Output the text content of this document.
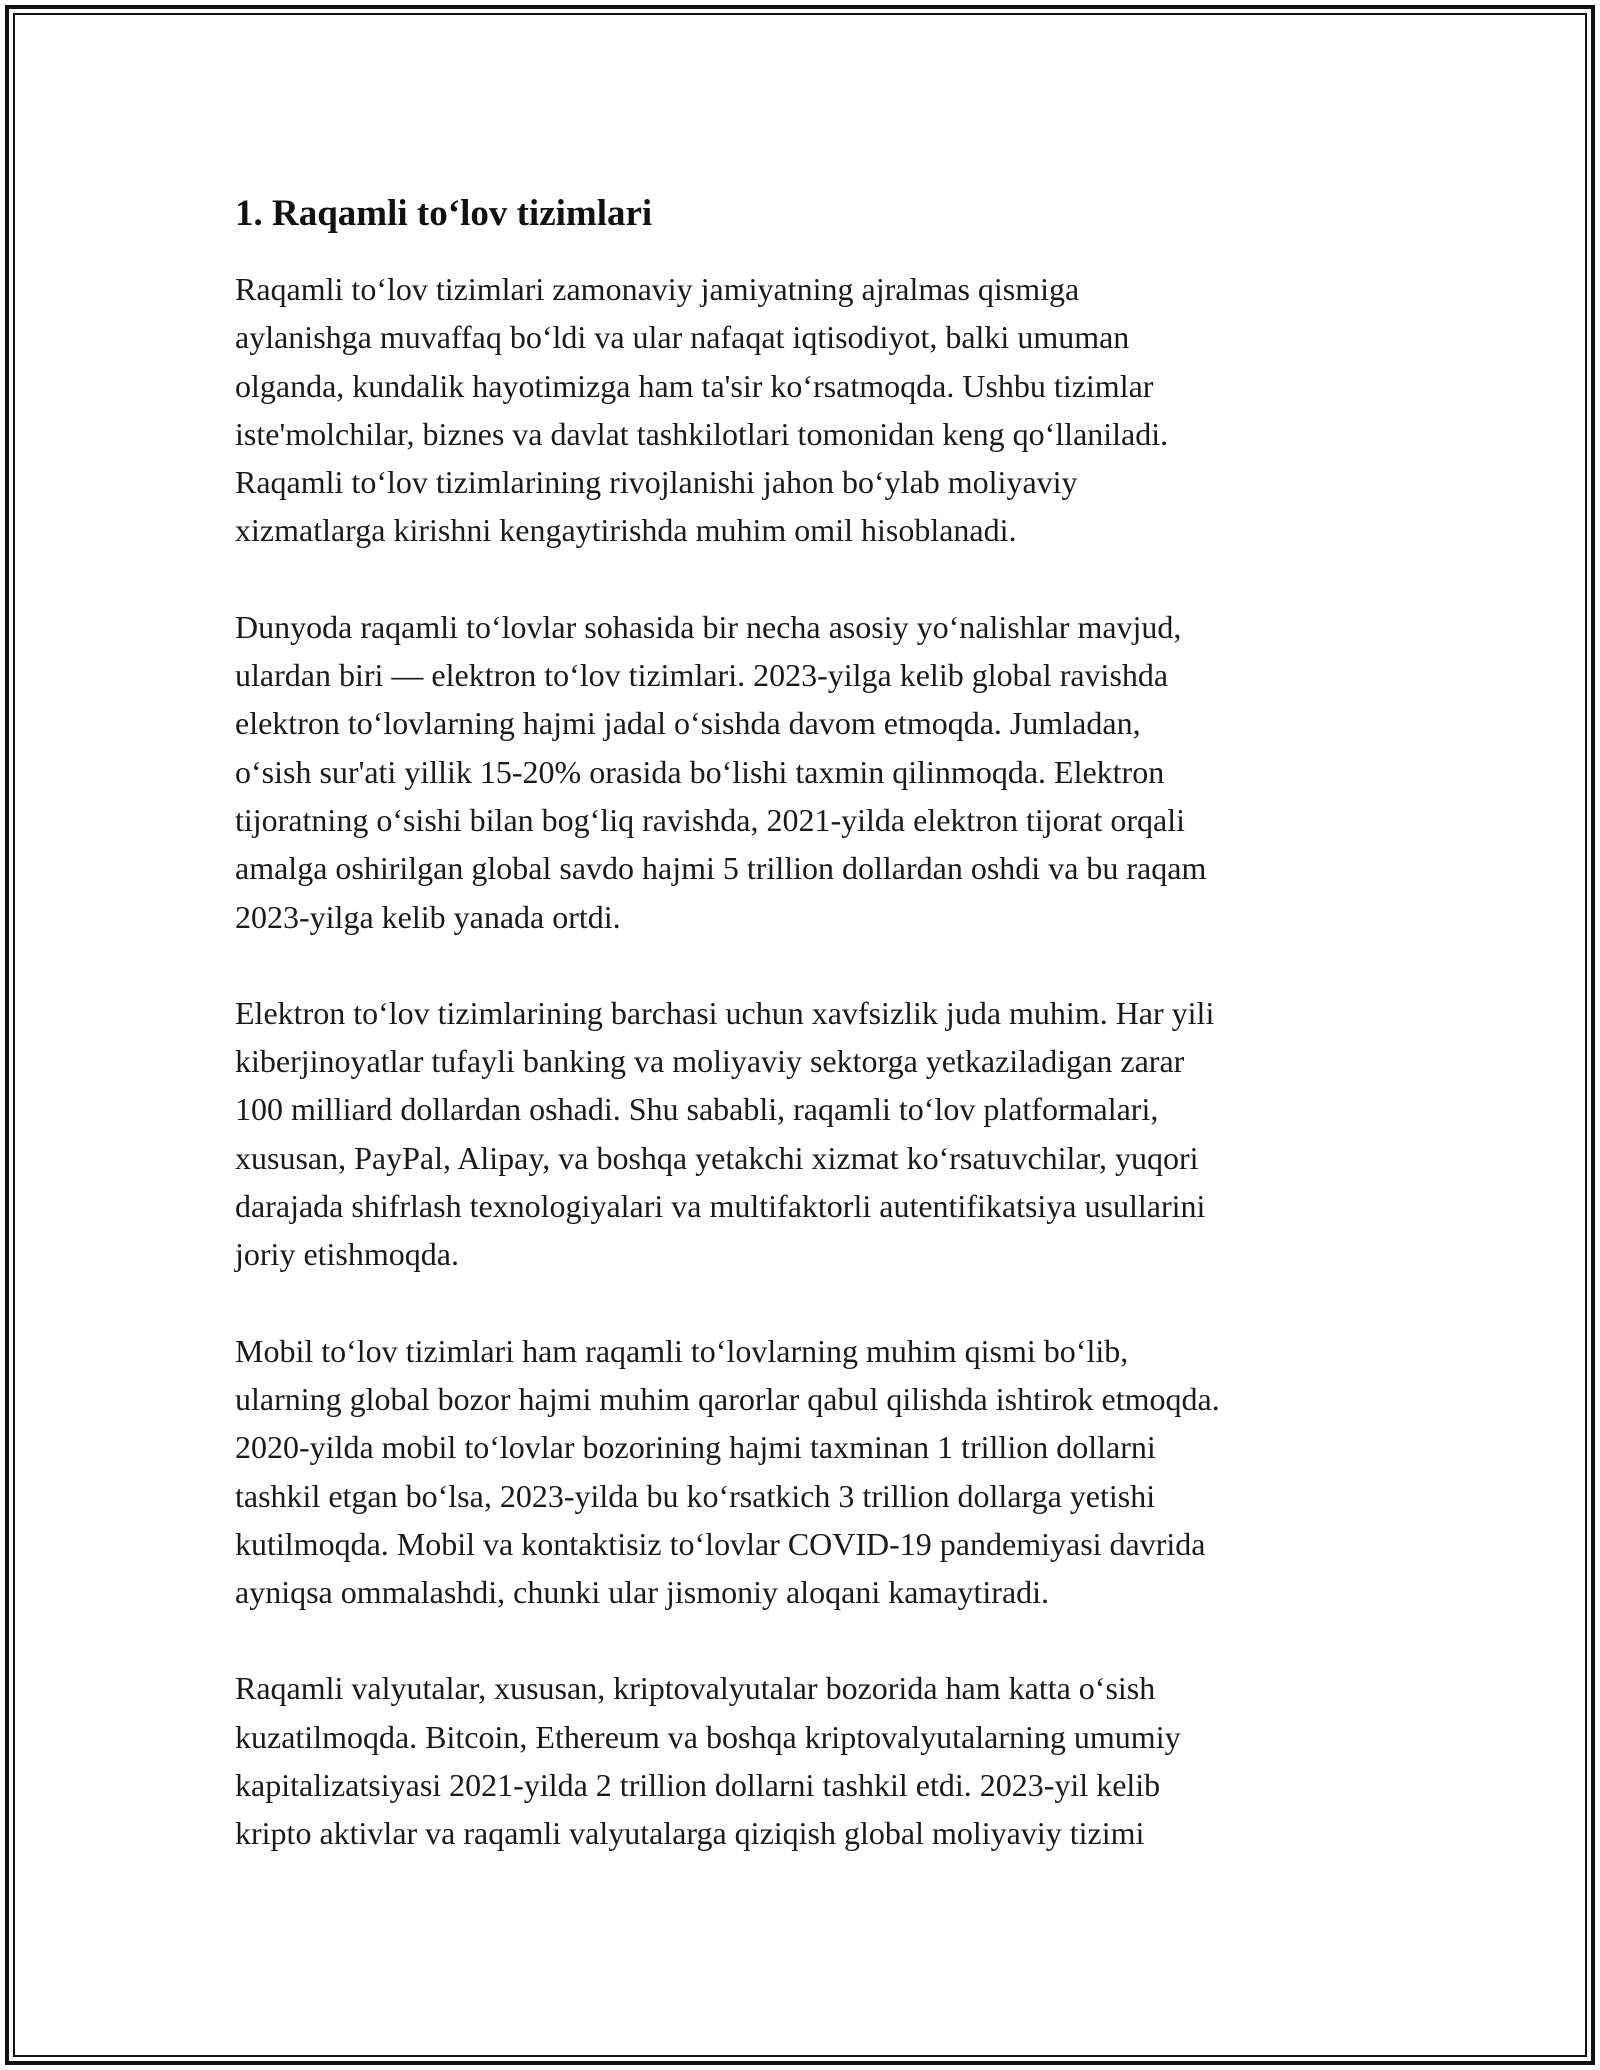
1. Raqamli to‘lov tizimlari

Raqamli to‘lov tizimlari zamonaviy jamiyatning ajralmas qismiga
aylanishga muvaffaq bo‘ldi va ular nafaqat iqtisodiyot, balki umuman
olganda, kundalik hayotimizga ham ta'sir ko‘rsatmoqda. Ushbu tizimlar
iste'molchilar, biznes va davlat tashkilotlari tomonidan keng qo‘llaniladi.
Raqamli to‘lov tizimlarining rivojlanishi jahon bo‘ylab moliyaviy
xizmatlarga kirishni kengaytirishda muhim omil hisoblanadi.

Dunyoda raqamli to‘lovlar sohasida bir necha asosiy yo‘nalishlar mavjud,
ulardan biri — elektron to‘lov tizimlari. 2023-yilga kelib global ravishda
elektron to‘lovlarning hajmi jadal o‘sishda davom etmoqda. Jumladan,
o‘sish sur'ati yillik 15-20% orasida bo‘lishi taxmin qilinmoqda. Elektron
tijoratning o‘sishi bilan bog‘liq ravishda, 2021-yilda elektron tijorat orqali
amalga oshirilgan global savdo hajmi 5 trillion dollardan oshdi va bu raqam
2023-yilga kelib yanada ortdi.

Elektron to‘lov tizimlarining barchasi uchun xavfsizlik juda muhim. Har yili
kiberjinoyatlar tufayli banking va moliyaviy sektorga yetkaziladigan zarar
100 milliard dollardan oshadi. Shu sababli, raqamli to‘lov platformalari,
xususan, PayPal, Alipay, va boshqa yetakchi xizmat ko‘rsatuvchilar, yuqori
darajada shifrlash texnologiyalari va multifaktorli autentifikatsiya usullarini
joriy etishmoqda.

Mobil to‘lov tizimlari ham raqamli to‘lovlarning muhim qismi bo‘lib,
ularning global bozor hajmi muhim qarorlar qabul qilishda ishtirok etmoqda.
2020-yilda mobil to‘lovlar bozorining hajmi taxminan 1 trillion dollarni
tashkil etgan bo‘lsa, 2023-yilda bu ko‘rsatkich 3 trillion dollarga yetishi
kutilmoqda. Mobil va kontaktisiz to‘lovlar COVID-19 pandemiyasi davrida
ayniqsa ommalashdi, chunki ular jismoniy aloqani kamaytiradi.

Raqamli valyutalar, xususan, kriptovalyutalar bozorida ham katta o‘sish
kuzatilmoqda. Bitcoin, Ethereum va boshqa kriptovalyutalarning umumiy
kapitalizatsiyasi 2021-yilda 2 trillion dollarni tashkil etdi. 2023-yil kelib
kripto aktivlar va raqamli valyutalarga qiziqish global moliyaviy tizimi
